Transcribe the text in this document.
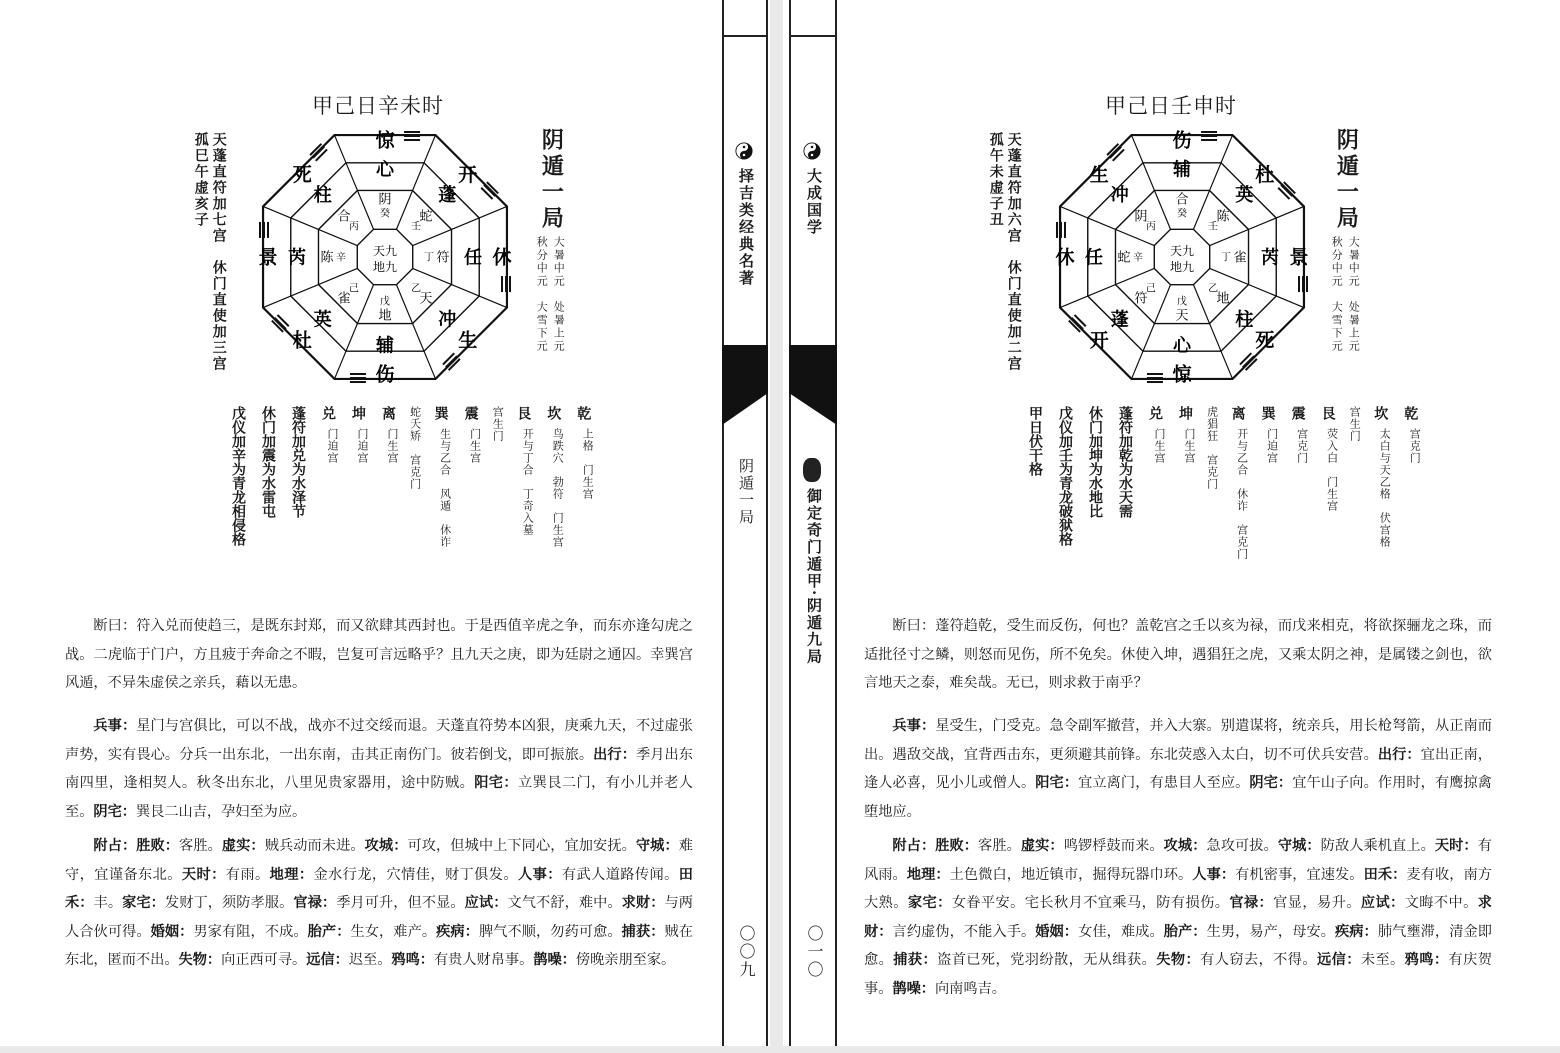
甲己日辛未时
阴遁一局
孤巳午虚亥子 天蓬直符加七宫　休门直使加三宫	大暑中元　处暑上元
秋分中元　大雪下元
伤
辅
地
戊
杜
英
雀
己
景 芮 陈 辛
死
柱
合
丙
惊
心
阴
癸
开
蓬
蛇
壬
休
任
符
丁
生
冲
天
乙
天九
地九
乾
上格　门生宫
坎
鸟跌穴　勃符　门生宫
艮
开与丁合　丁奇入墓
宫生门
震
门生宫
巽
生与乙合　风遁　休诈
蛇夭矫　宫克门
离
门生宫
坤
门迫宫
兑
门迫宫
蓬符加兑为水泽节
休门加震为水雷屯
戊仪加辛为青龙相侵格

断曰：符入兑而使趋三，是既东封郑，而又欲肆其西封也。于是西值辛虎之争，而东亦逢勾虎之战。二虎临于门户，方且疲于奔命之不暇，岂复可言远略乎？且九天之庚，即为廷尉之通囚。幸巽宫风遁，不异朱虚侯之亲兵，藉以无患。

兵事：星门与宫俱比，可以不战，战亦不过交绥而退。天蓬直符势本凶狠，庚乘九天，不过虚张声势，实有畏心。分兵一出东北，一出东南，击其正南伤门。彼若倒戈，即可振旅。出行：季月出东南四里，逢相契人。秋冬出东北，八里见贵家器用，途中防贼。阳宅：立巽艮二门，有小儿并老人至。阴宅：巽艮二山吉，孕妇至为应。

附占：胜败：客胜。虚实：贼兵动而未进。攻城：可攻，但城中上下同心，宜加安抚。守城：难守，宜谨备东北。天时：有雨。地理：金水行龙，穴情佳，财丁俱发。人事：有武人道路传闻。田禾：丰。家宅：发财丁，须防孝服。官禄：季月可升，但不显。应试：文气不舒，难中。求财：与两人合伙可得。婚姻：男家有阻，不成。胎产：生女，难产。疾病：脾气不顺，勿药可愈。捕获：贼在东北，匿而不出。失物：向正西可寻。远信：迟至。鸦鸣：有贵人财帛事。鹊噪：傍晚亲朋至家。

择吉类经典名著
阴遁一局
〇〇九
大成国学
御定奇门遁甲·阴遁九局
〇一〇
甲己日壬申时
阴遁一局
孤午未虚子丑 天蓬直符加六宫　休门直使加二宫	大暑中元　处暑上元
秋分中元　大雪下元
惊
心
天
戊
开
蓬
符
己
休 任 蛇 辛
生
冲
阴
丙
伤
辅
合
癸
杜
英
陈
壬
景
芮
雀
丁
死
柱
地
乙
天九
地九
乾
宫克门
坎
太白与天乙格　伏宫格
宫生门
艮
荧入白　门生宫
震
宫克门
巽
门迫宫
离
开与乙合　休诈　宫克门
虎猖狂　宫克门
坤
门生宫
兑
门生宫
蓬符加乾为水天需
休门加坤为水地比
戊仪加壬为青龙破狱格
甲日伏干格

断曰：蓬符趋乾，受生而反伤，何也？盖乾宫之壬以亥为禄，而戊来相克，将欲探骊龙之珠，而适批径寸之鳞，则怒而见伤，所不免矣。休使入坤，遇猖狂之虎，又乘太阴之神，是属镂之剑也，欲言地天之泰，难矣哉。无已，则求救于南乎？

兵事：星受生，门受克。急令副军撤营，并入大寨。别遣谋将，统亲兵，用长枪弩箭，从正南而出。遇敌交战，宜背西击东，更须避其前锋。东北荧惑入太白，切不可伏兵安营。出行：宜出正南，逢人必喜，见小儿或僧人。阳宅：宜立离门，有患目人至应。阴宅：宜午山子向。作用时，有鹰掠禽堕地应。

附占：胜败：客胜。虚实：鸣锣桴鼓而来。攻城：急攻可拔。守城：防敌人乘机直上。天时：有风雨。地理：土色微白，地近镇市，掘得玩器巾环。人事：有机密事，宜速发。田禾：麦有收，南方大熟。家宅：女眷平安。宅长秋月不宜乘马，防有损伤。官禄：官显，易升。应试：文晦不中。求财：言约虚伪，不能入手。婚姻：女佳，难成。胎产：生男，易产，母安。疾病：肺气壅滞，清金即愈。捕获：盗首已死，党羽纷散，无从缉获。失物：有人窃去，不得。远信：未至。鸦鸣：有庆贺事。鹊噪：向南鸣吉。
